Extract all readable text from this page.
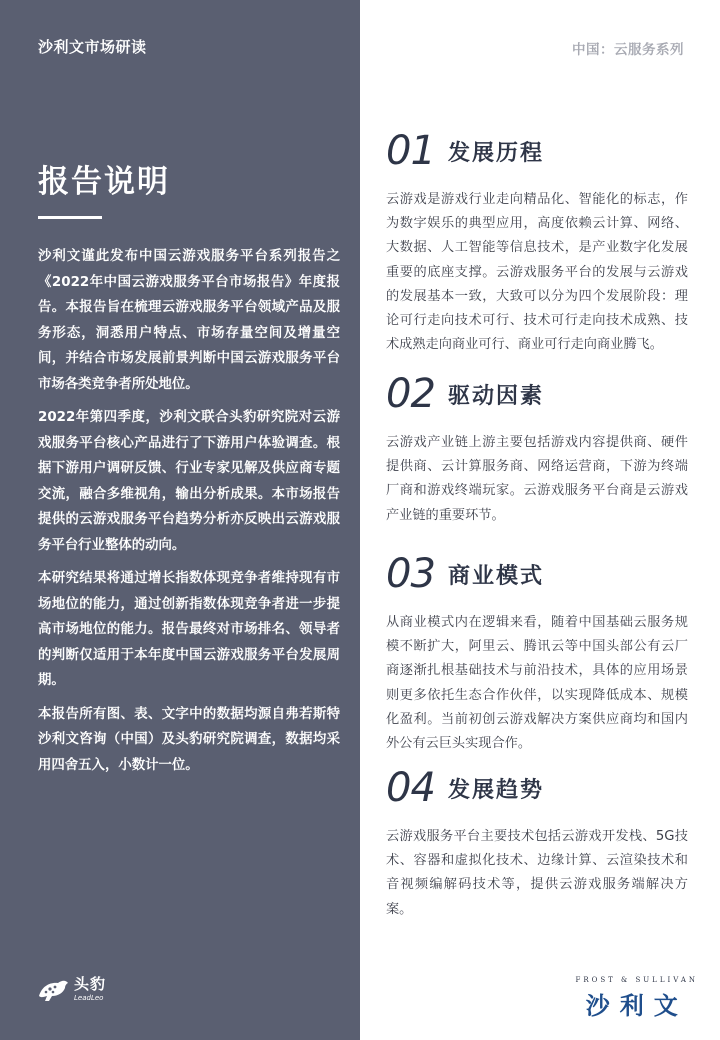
沙利文市场研读
报告说明

沙利文谨此发布中国云游戏服务平台系列报告之《2022年中国云游戏服务平台市场报告》年度报告。本报告旨在梳理云游戏服务平台领域产品及服务形态，洞悉用户特点、市场存量空间及增量空间，并结合市场发展前景判断中国云游戏服务平台市场各类竞争者所处地位。

2022年第四季度，沙利文联合头豹研究院对云游戏服务平台核心产品进行了下游用户体验调查。根据下游用户调研反馈、行业专家见解及供应商专题交流，融合多维视角，输出分析成果。本市场报告提供的云游戏服务平台趋势分析亦反映出云游戏服务平台行业整体的动向。

本研究结果将通过增长指数体现竞争者维持现有市场地位的能力，通过创新指数体现竞争者进一步提高市场地位的能力。报告最终对市场排名、领导者的判断仅适用于本年度中国云游戏服务平台发展周期。

本报告所有图、表、文字中的数据均源自弗若斯特沙利文咨询（中国）及头豹研究院调查，数据均采用四舍五入，小数计一位。

头豹
LeadLeo
中国：云服务系列
01 发展历程
云游戏是游戏行业走向精品化、智能化的标志，作为数字娱乐的典型应用，高度依赖云计算、网络、大数据、人工智能等信息技术，是产业数字化发展重要的底座支撑。云游戏服务平台的发展与云游戏的发展基本一致，大致可以分为四个发展阶段：理论可行走向技术可行、技术可行走向技术成熟、技术成熟走向商业可行、商业可行走向商业腾飞。
02 驱动因素
云游戏产业链上游主要包括游戏内容提供商、硬件提供商、云计算服务商、网络运营商，下游为终端厂商和游戏终端玩家。云游戏服务平台商是云游戏产业链的重要环节。
03 商业模式
从商业模式内在逻辑来看，随着中国基础云服务规模不断扩大，阿里云、腾讯云等中国头部公有云厂商逐渐扎根基础技术与前沿技术，具体的应用场景则更多依托生态合作伙伴，以实现降低成本、规模化盈利。当前初创云游戏解决方案供应商均和国内外公有云巨头实现合作。
04 发展趋势
云游戏服务平台主要技术包括云游戏开发栈、5G技术、容器和虚拟化技术、边缘计算、云渲染技术和音视频编解码技术等，提供云游戏服务端解决方案。
FROST & SULLIVAN
沙利文
